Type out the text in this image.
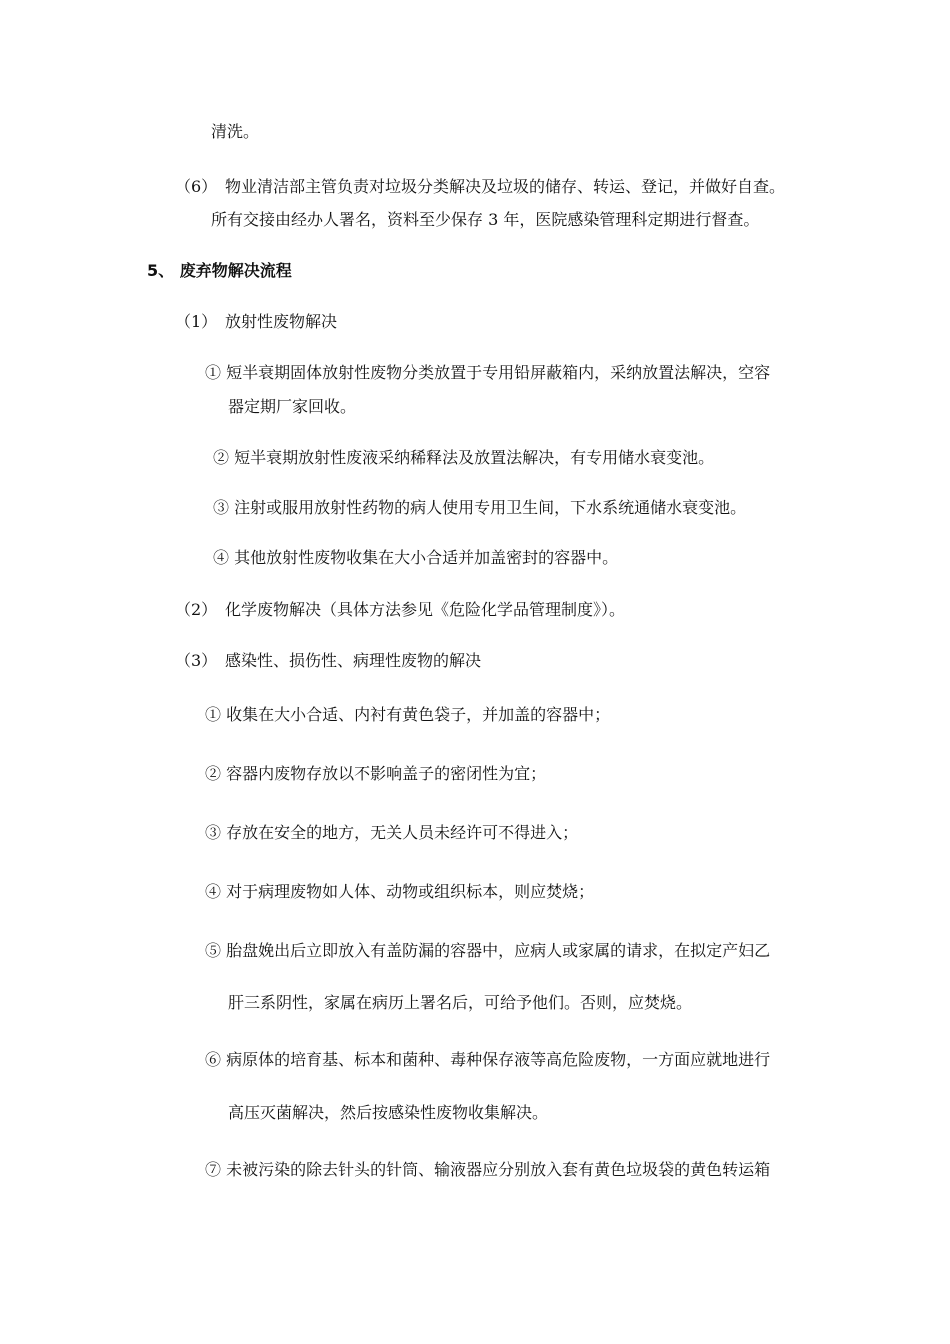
清洗。
（6） 物业清洁部主管负责对垃圾分类解决及垃圾的储存、转运、登记，并做好自查。
所有交接由经办人署名，资料至少保存 3 年，医院感染管理科定期进行督查。
5、 废弃物解决流程
（1） 放射性废物解决
① 短半衰期固体放射性废物分类放置于专用铅屏蔽箱内，采纳放置法解决，空容
器定期厂家回收。
② 短半衰期放射性废液采纳稀释法及放置法解决，有专用储水衰变池。
③ 注射或服用放射性药物的病人使用专用卫生间，下水系统通储水衰变池。
④ 其他放射性废物收集在大小合适并加盖密封的容器中。
（2） 化学废物解决（具体方法参见《危险化学品管理制度》）。
（3） 感染性、损伤性、病理性废物的解决
① 收集在大小合适、内衬有黄色袋子，并加盖的容器中；
② 容器内废物存放以不影响盖子的密闭性为宜；
③ 存放在安全的地方，无关人员未经许可不得进入；
④ 对于病理废物如人体、动物或组织标本，则应焚烧；
⑤ 胎盘娩出后立即放入有盖防漏的容器中，应病人或家属的请求，在拟定产妇乙
肝三系阴性，家属在病历上署名后，可给予他们。否则，应焚烧。
⑥ 病原体的培育基、标本和菌种、毒种保存液等高危险废物，一方面应就地进行
高压灭菌解决，然后按感染性废物收集解决。
⑦ 未被污染的除去针头的针筒、输液器应分别放入套有黄色垃圾袋的黄色转运箱
